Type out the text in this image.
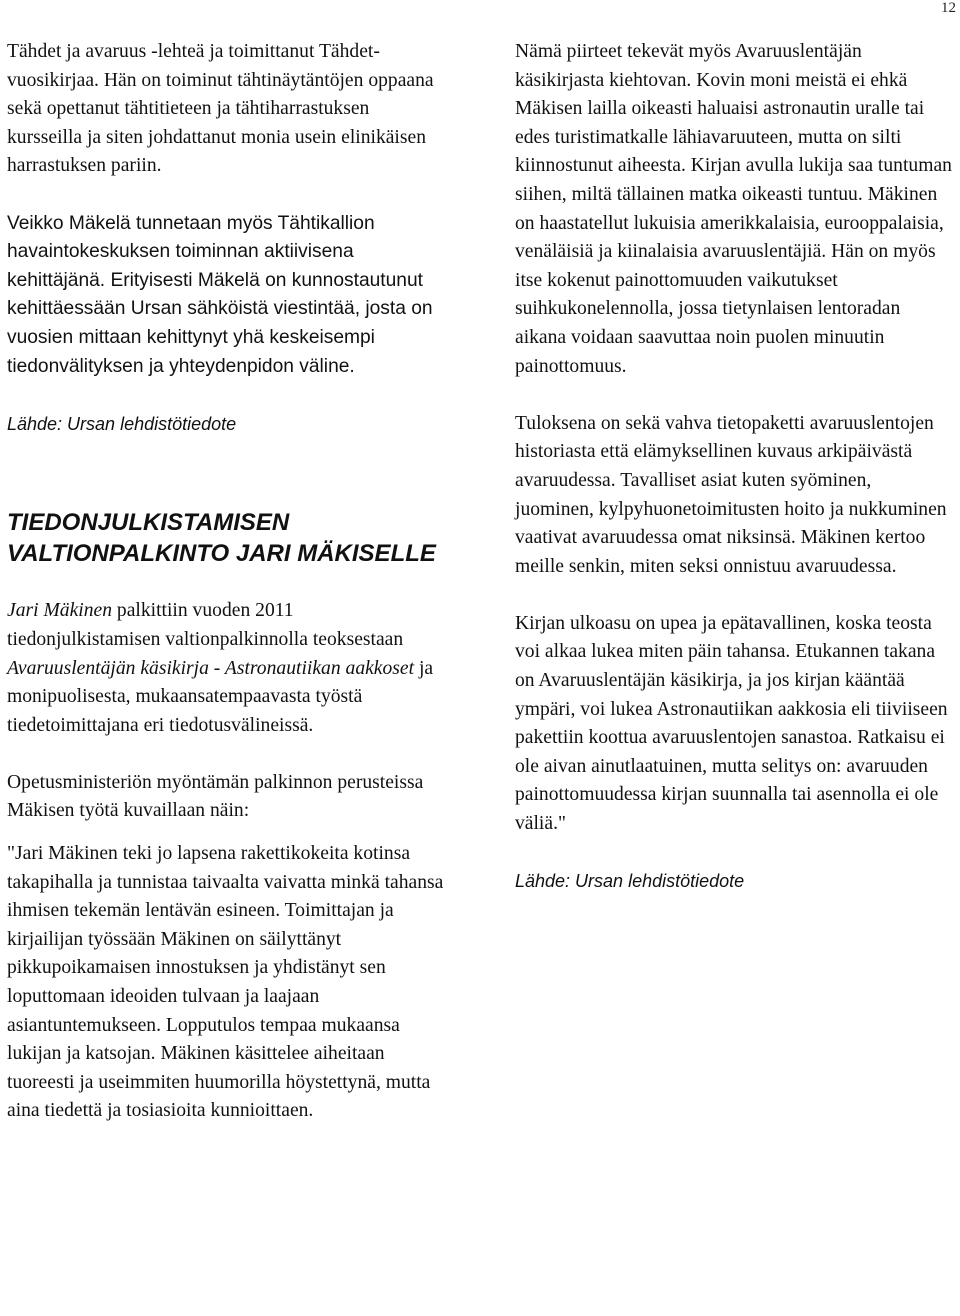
12

Tähdet ja avaruus -lehteä ja toimittanut Tähdet-vuosikirjaa. Hän on toiminut tähtinäytäntöjen oppaana sekä opettanut tähtitieteen ja tähtiharrastuksen kursseilla ja siten johdattanut monia usein elinikäisen harrastuksen pariin.

Veikko Mäkelä tunnetaan myös Tähtikallion havaintokeskuksen toiminnan aktiivisena kehittäjänä. Erityisesti Mäkelä on kunnostautunut kehittäessään Ursan sähköistä viestintää, josta on vuosien mittaan kehittynyt yhä keskeisempi tiedonvälityksen ja yhteydenpidon väline.

Lähde: Ursan lehdistötiedote

TIEDONJULKISTAMISEN VALTIONPALKINTO JARI MÄKISELLE

Jari Mäkinen palkittiin vuoden 2011 tiedonjulkistamisen valtionpalkinnolla teoksestaan Avaruuslentäjän käsikirja - Astronautiikan aakkoset ja monipuolisesta, mukaansatempaavasta työstä tiedetoimittajana eri tiedotusvälineissä.

Opetusministeriön myöntämän palkinnon perusteissa Mäkisen työtä kuvaillaan näin:

"Jari Mäkinen teki jo lapsena rakettikokeita kotinsa takapihalla ja tunnistaa taivaalta vaivatta minkä tahansa ihmisen tekemän lentävän esineen. Toimittajan ja kirjailijan työssään Mäkinen on säilyttänyt pikkupoikamaisen innostuksen ja yhdistänyt sen loputtomaan ideoiden tulvaan ja laajaan asiantuntemukseen. Lopputulos tempaa mukaansa lukijan ja katsojan. Mäkinen käsittelee aiheitaan tuoreesti ja useimmiten huumorilla höystettynä, mutta aina tiedettä ja tosiasioita kunnioittaen.

Nämä piirteet tekevät myös Avaruuslentäjän käsikirjasta kiehtovan. Kovin moni meistä ei ehkä Mäkisen lailla oikeasti haluaisi astronautin uralle tai edes turistimatkalle lähiavaruuteen, mutta on silti kiinnostunut aiheesta. Kirjan avulla lukija saa tuntuman siihen, miltä tällainen matka oikeasti tuntuu. Mäkinen on haastatellut lukuisia amerikkalaisia, eurooppalaisia, venäläisiä ja kiinalaisia avaruuslentäjiä. Hän on myös itse kokenut painottomuuden vaikutukset suihkukonelennolla, jossa tietynlaisen lentoradan aikana voidaan saavuttaa noin puolen minuutin painottomuus.

Tuloksena on sekä vahva tietopaketti avaruuslentojen historiasta että elämyksellinen kuvaus arkipäivästä avaruudessa. Tavalliset asiat kuten syöminen, juominen, kylpyhuonetoimitusten hoito ja nukkuminen vaativat avaruudessa omat niksinsä. Mäkinen kertoo meille senkin, miten seksi onnistuu avaruudessa.

Kirjan ulkoasu on upea ja epätavallinen, koska teosta voi alkaa lukea miten päin tahansa. Etukannen takana on Avaruuslentäjän käsikirja, ja jos kirjan kääntää ympäri, voi lukea Astronautiikan aakkosia eli tiiviiseen pakettiin koottua avaruuslentojen sanastoa. Ratkaisu ei ole aivan ainutlaatuinen, mutta selitys on: avaruuden painottomuudessa kirjan suunnalla tai asennolla ei ole väliä."

Lähde: Ursan lehdistötiedote
